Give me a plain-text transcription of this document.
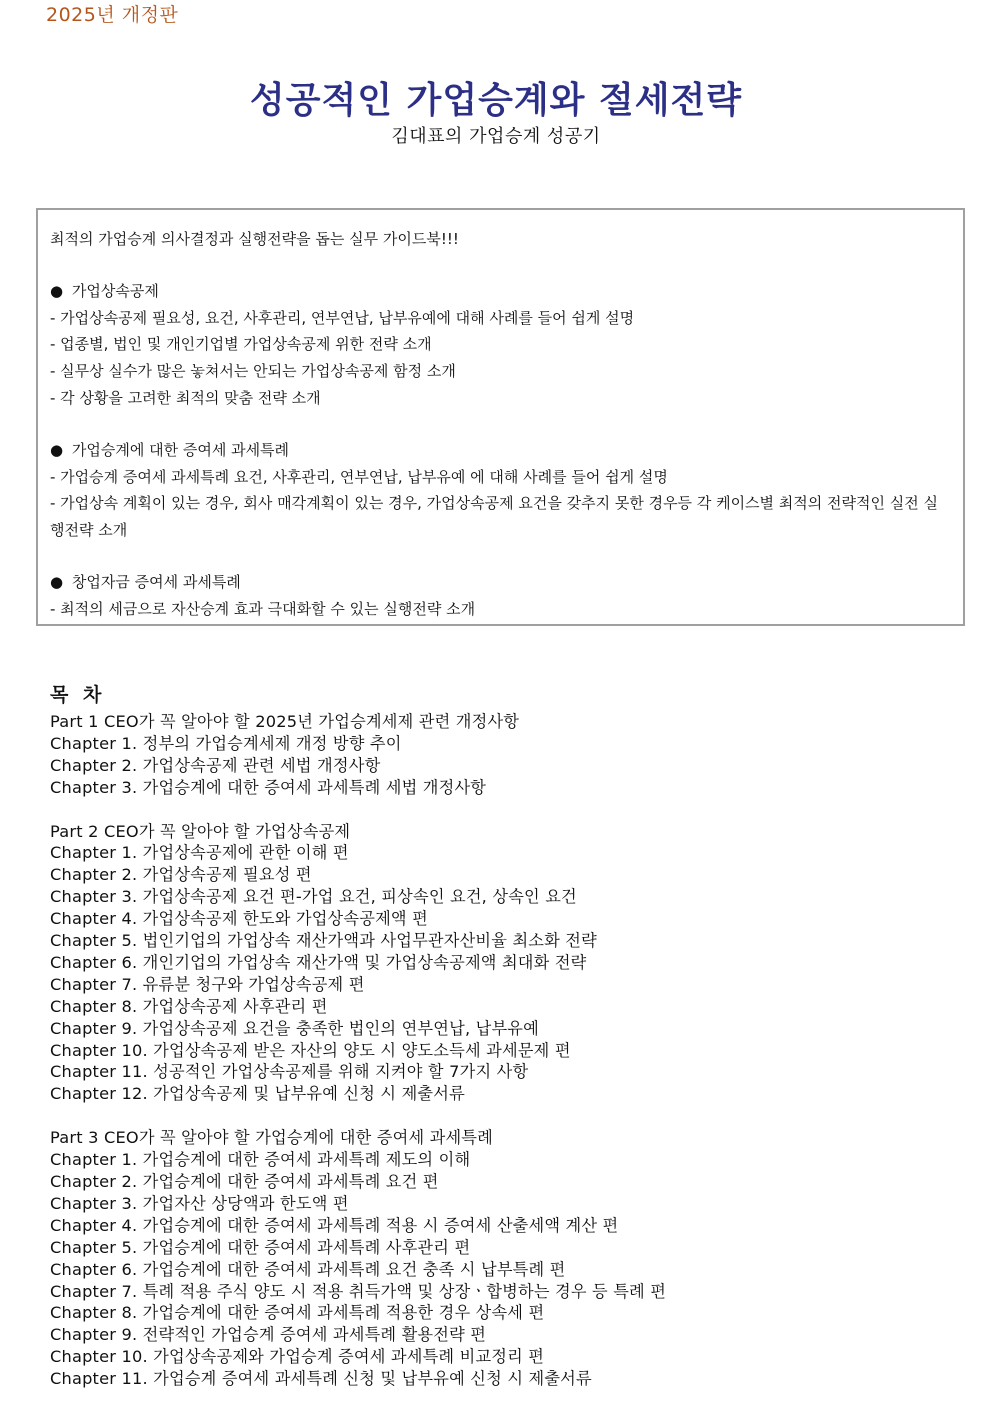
2025년 개정판
성공적인 가업승계와 절세전략
김대표의 가업승계 성공기
최적의 가업승계 의사결정과 실행전략을 돕는 실무 가이드북!!!
● 가업상속공제
- 가업상속공제 필요성, 요건, 사후관리, 연부연납, 납부유예에 대해 사례를 들어 쉽게 설명
- 업종별, 법인 및 개인기업별 가업상속공제 위한 전략 소개
- 실무상 실수가 많은 놓쳐서는 안되는 가업상속공제 함정 소개
- 각 상황을 고려한 최적의 맞춤 전략 소개
● 가업승계에 대한 증여세 과세특례
- 가업승계 증여세 과세특례 요건, 사후관리, 연부연납, 납부유예 에 대해 사례를 들어 쉽게 설명
- 가업상속 계획이 있는 경우, 회사 매각계획이 있는 경우, 가업상속공제 요건을 갖추지 못한 경우등 각 케이스별 최적의 전략적인 실전 실행전략 소개
● 창업자금 증여세 과세특례
- 최적의 세금으로 자산승계 효과 극대화할 수 있는 실행전략 소개
목 차
Part 1 CEO가 꼭 알아야 할 2025년 가업승계세제 관련 개정사항
Chapter 1. 정부의 가업승계세제 개정 방향 추이
Chapter 2. 가업상속공제 관련 세법 개정사항
Chapter 3. 가업승계에 대한 증여세 과세특례 세법 개정사항
Part 2 CEO가 꼭 알아야 할 가업상속공제
Chapter 1. 가업상속공제에 관한 이해 편
Chapter 2. 가업상속공제 필요성 편
Chapter 3. 가업상속공제 요건 편-가업 요건, 피상속인 요건, 상속인 요건
Chapter 4. 가업상속공제 한도와 가업상속공제액 편
Chapter 5. 법인기업의 가업상속 재산가액과 사업무관자산비율 최소화 전략
Chapter 6. 개인기업의 가업상속 재산가액 및 가업상속공제액 최대화 전략
Chapter 7. 유류분 청구와 가업상속공제 편
Chapter 8. 가업상속공제 사후관리 편
Chapter 9. 가업상속공제 요건을 충족한 법인의 연부연납, 납부유예
Chapter 10. 가업상속공제 받은 자산의 양도 시 양도소득세 과세문제 편
Chapter 11. 성공적인 가업상속공제를 위해 지켜야 할 7가지 사항
Chapter 12. 가업상속공제 및 납부유예 신청 시 제출서류
Part 3 CEO가 꼭 알아야 할 가업승계에 대한 증여세 과세특례
Chapter 1. 가업승계에 대한 증여세 과세특례 제도의 이해
Chapter 2. 가업승계에 대한 증여세 과세특례 요건 편
Chapter 3. 가업자산 상당액과 한도액 편
Chapter 4. 가업승계에 대한 증여세 과세특례 적용 시 증여세 산출세액 계산 편
Chapter 5. 가업승계에 대한 증여세 과세특례 사후관리 편
Chapter 6. 가업승계에 대한 증여세 과세특례 요건 충족 시 납부특례 편
Chapter 7. 특례 적용 주식 양도 시 적용 취득가액 및 상장ㆍ합병하는 경우 등 특례 편
Chapter 8. 가업승계에 대한 증여세 과세특례 적용한 경우 상속세 편
Chapter 9. 전략적인 가업승계 증여세 과세특례 활용전략 편
Chapter 10. 가업상속공제와 가업승계 증여세 과세특례 비교정리 편
Chapter 11. 가업승계 증여세 과세특례 신청 및 납부유예 신청 시 제출서류
